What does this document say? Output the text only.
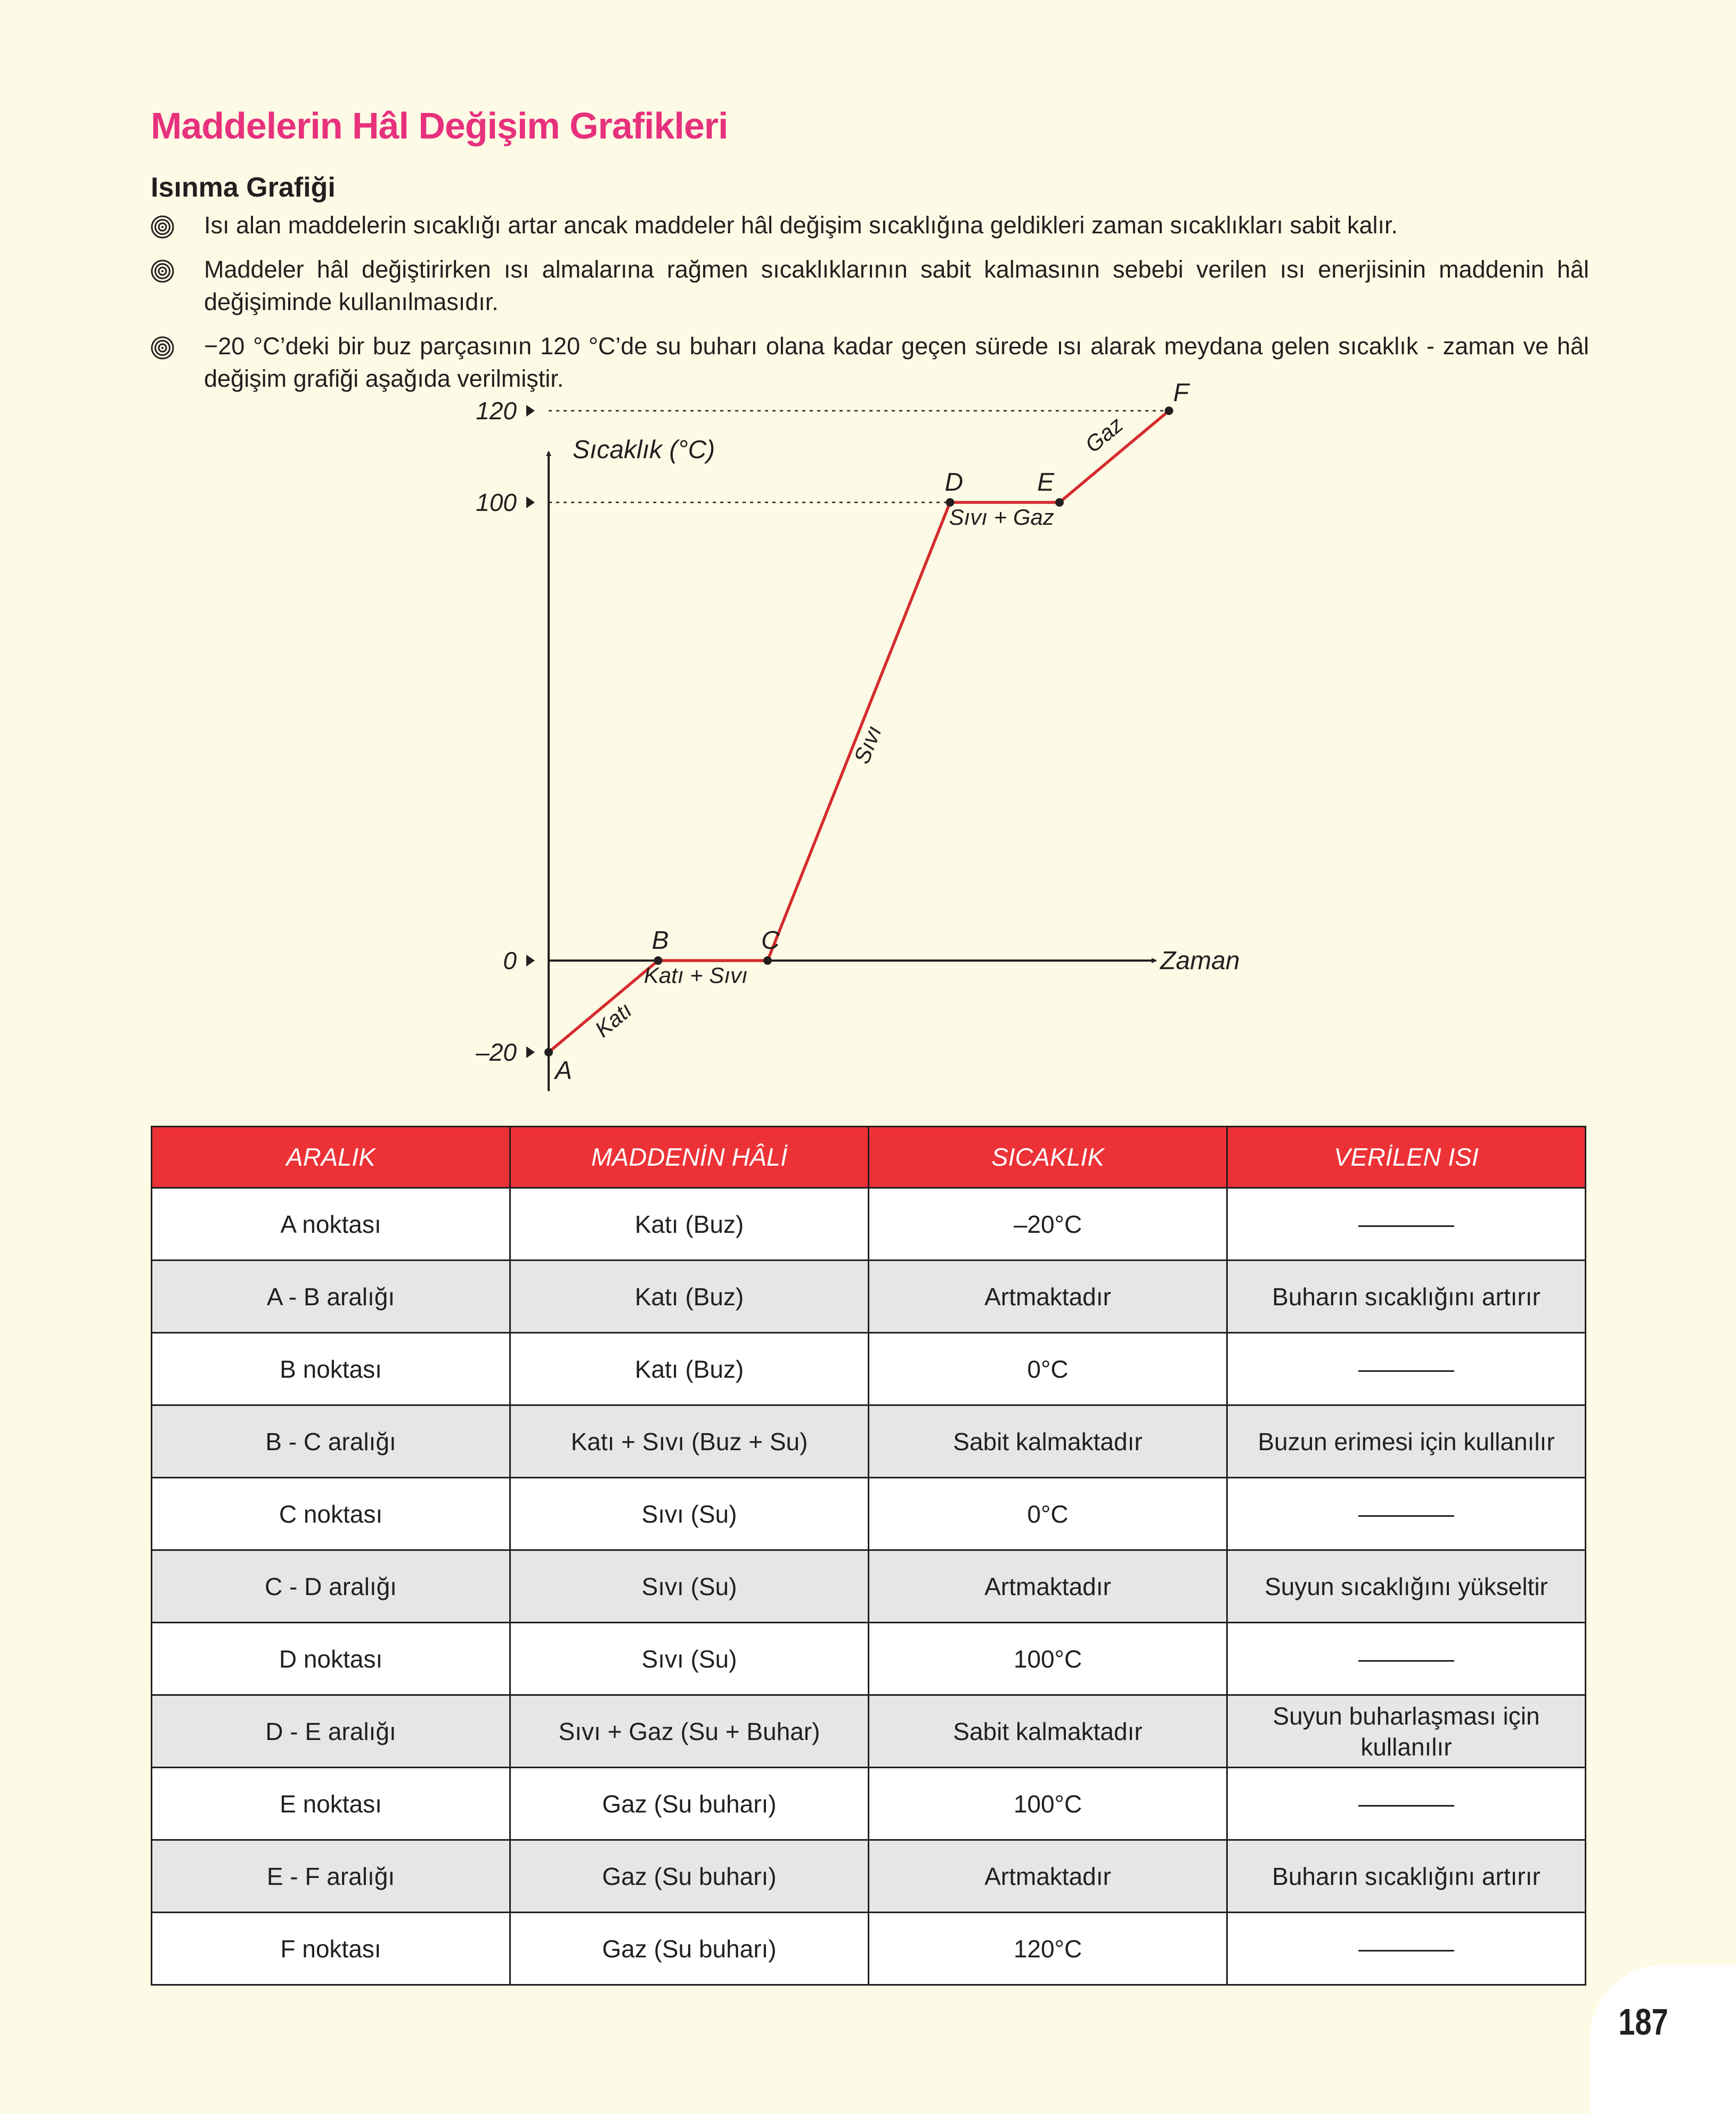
Maddelerin Hâl Değişim Grafikleri
Isınma Grafiği
Isı alan maddelerin sıcaklığı artar ancak maddeler hâl değişim sıcaklığına geldikleri zaman sıcaklıkları sabit kalır.
Maddeler hâl değiştirirken ısı almalarına rağmen sıcaklıklarının sabit kalmasının sebebi verilen ısı enerjisinin maddenin hâl değişiminde kullanılmasıdır.
−20 °C’deki bir buz parçasının 120 °C’de su buharı olana kadar geçen sürede ısı alarak meydana gelen sıcaklık - zaman ve hâl değişim grafiği aşağıda verilmiştir.
Sıcaklık (°C)
Zaman
120
100
0
–20
A
B	C
D	E
F
Katı
Katı + Sıvı
Sıvı
Sıvı + Gaz
Gaz
ARALIK	MADDENİN HÂLİ	SICAKLIK	VERİLEN ISI
A noktası	Katı (Buz)	–20°C	
A - B aralığı	Katı (Buz)	Artmaktadır	Buharın sıcaklığını artırır
B noktası	Katı (Buz)	0°C	
B - C aralığı	Katı + Sıvı (Buz + Su)	Sabit kalmaktadır	Buzun erimesi için kullanılır
C noktası	Sıvı (Su)	0°C	
C - D aralığı	Sıvı (Su)	Artmaktadır	Suyun sıcaklığını yükseltir
D noktası	Sıvı (Su)	100°C	
D - E aralığı	Sıvı + Gaz (Su + Buhar)	Sabit kalmaktadır	Suyun buharlaşması için kullanılır
E noktası	Gaz (Su buharı)	100°C	
E - F aralığı	Gaz (Su buharı)	Artmaktadır	Buharın sıcaklığını artırır
F noktası	Gaz (Su buharı)	120°C	
187
